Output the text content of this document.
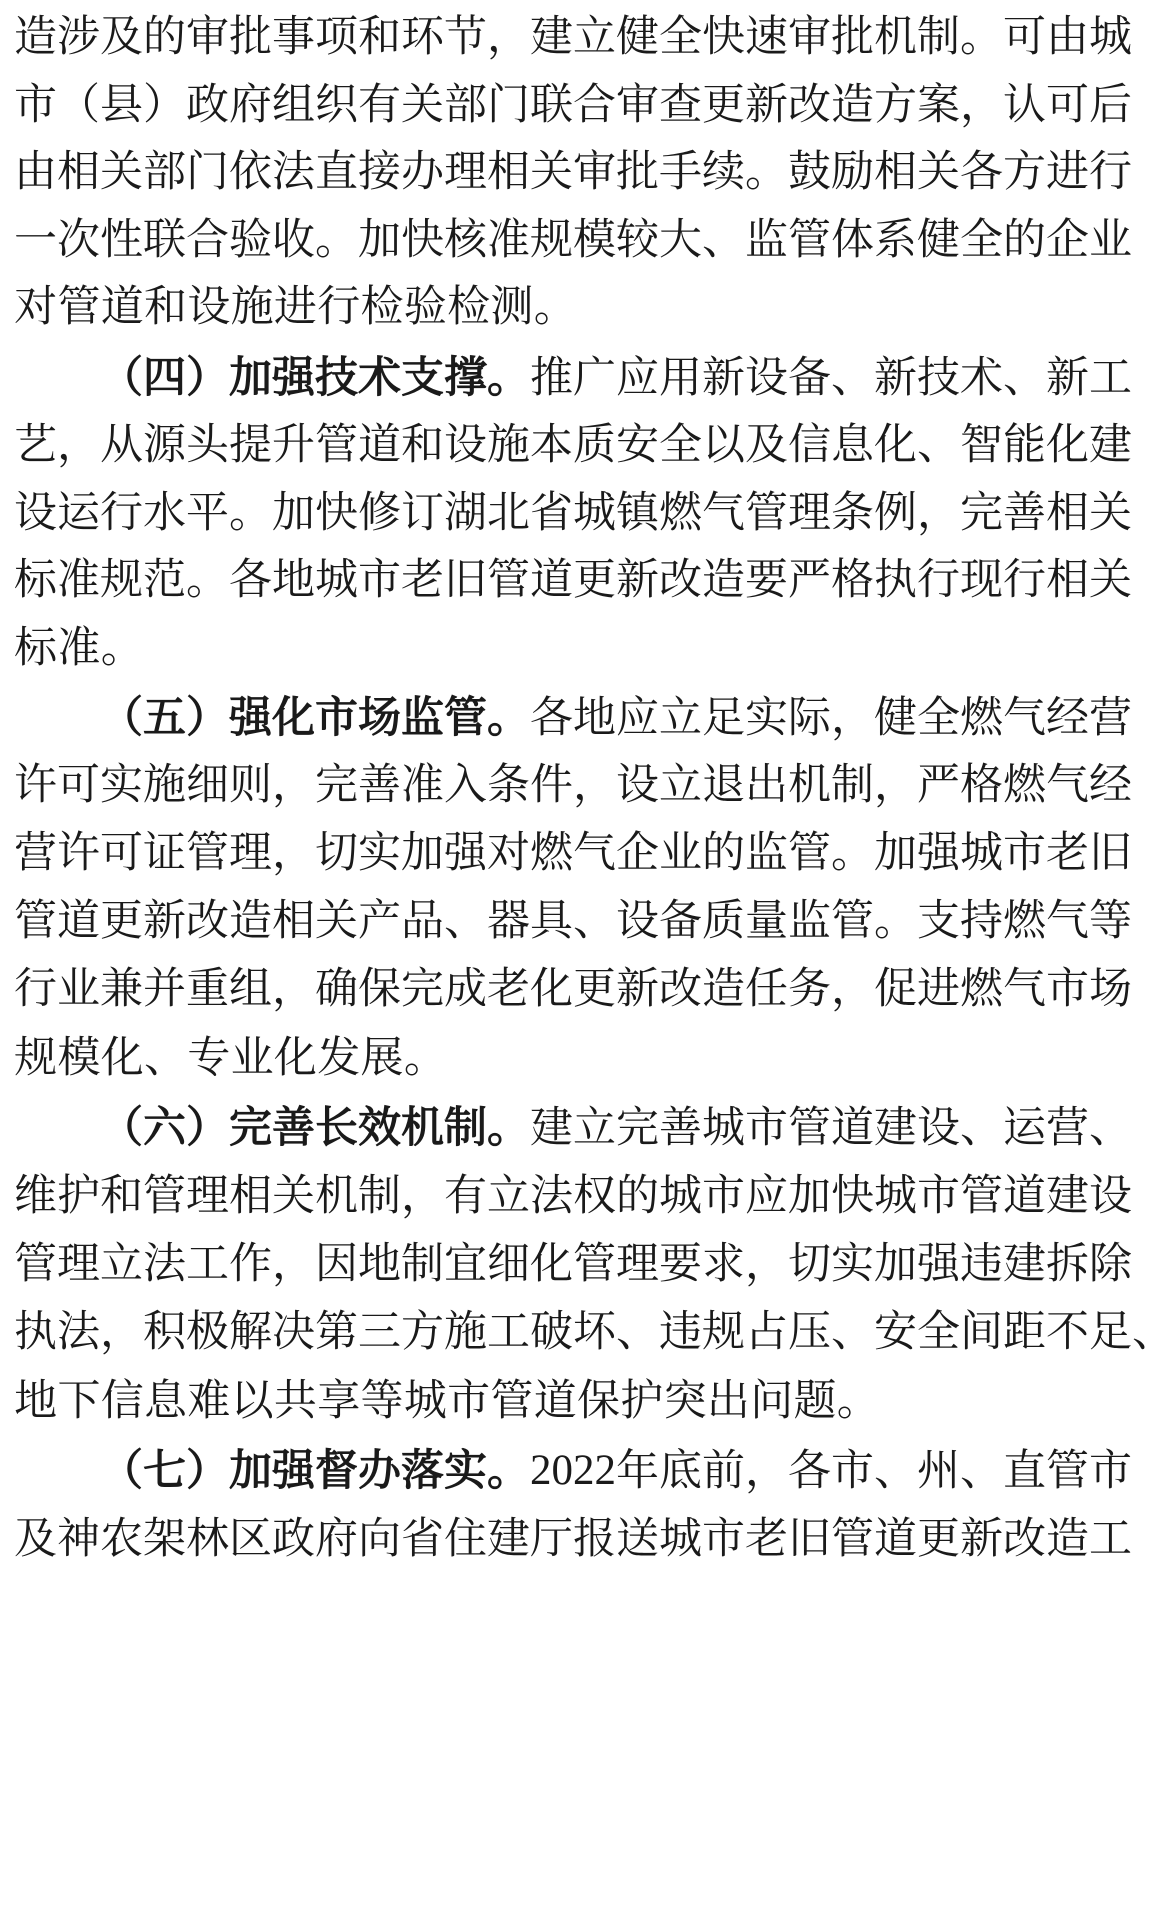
造 涉 及 的 审 批 事 项 和 环 节 ， 建 立 健 全 快 速 审 批 机 制 。 可 由 城
市 （ 县 ） 政 府 组 织 有 关 部 门 联 合 审 查 更 新 改 造 方 案 ， 认 可 后
由 相 关 部 门 依 法 直 接 办 理 相 关 审 批 手 续 。 鼓 励 相 关 各 方 进 行
一 次 性 联 合 验 收 。 加 快 核 准 规 模 较 大 、 监 管 体 系 健 全 的 企 业
对 管 道 和 设 施 进 行 检 验 检 测 。
（ 四 ） 加 强 技 术 支 撑 。 推 广 应 用 新 设 备 、 新 技 术 、 新 工
艺 ， 从 源 头 提 升 管 道 和 设 施 本 质 安 全 以 及 信 息 化 、 智 能 化 建
设 运 行 水 平 。 加 快 修 订 湖 北 省 城 镇 燃 气 管 理 条 例 ， 完 善 相 关
标 准 规 范 。 各 地 城 市 老 旧 管 道 更 新 改 造 要 严 格 执 行 现 行 相 关
标 准 。
（ 五 ） 强 化 市 场 监 管 。 各 地 应 立 足 实 际 ， 健 全 燃 气 经 营
许 可 实 施 细 则 ， 完 善 准 入 条 件 ， 设 立 退 出 机 制 ， 严 格 燃 气 经
营 许 可 证 管 理 ， 切 实 加 强 对 燃 气 企 业 的 监 管 。 加 强 城 市 老 旧
管 道 更 新 改 造 相 关 产 品 、 器 具 、 设 备 质 量 监 管 。 支 持 燃 气 等
行 业 兼 并 重 组 ， 确 保 完 成 老 化 更 新 改 造 任 务 ， 促 进 燃 气 市 场
规 模 化 、 专 业 化 发 展 。
（ 六 ） 完 善 长 效 机 制 。 建 立 完 善 城 市 管 道 建 设 、 运 营 、
维 护 和 管 理 相 关 机 制 ， 有 立 法 权 的 城 市 应 加 快 城 市 管 道 建 设
管 理 立 法 工 作 ， 因 地 制 宜 细 化 管 理 要 求 ， 切 实 加 强 违 建 拆 除
执 法 ， 积 极 解 决 第 三 方 施 工 破 坏 、 违 规 占 压 、 安 全 间 距 不 足 、
地 下 信 息 难 以 共 享 等 城 市 管 道 保 护 突 出 问 题 。
（ 七 ） 加 强 督 办 落 实 。 2022 年 底 前 ， 各 市 、 州 、 直 管 市
及 神 农 架 林 区 政 府 向 省 住 建 厅 报 送 城 市 老 旧 管 道 更 新 改 造 工
